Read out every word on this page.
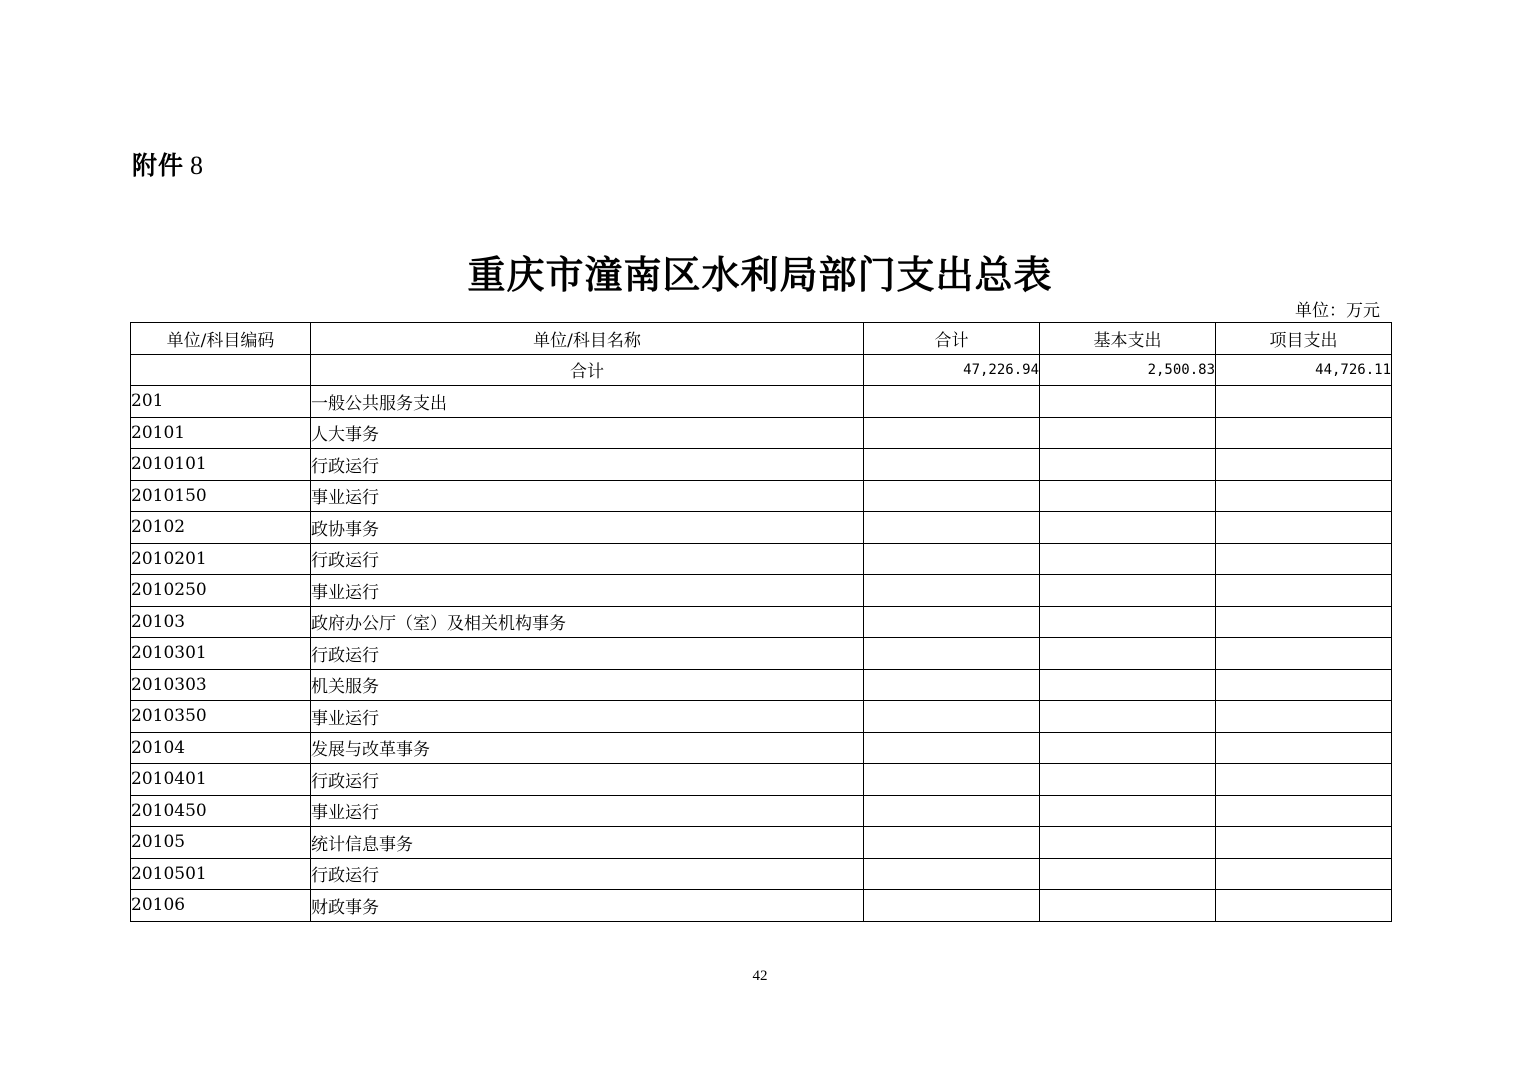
附件 8
重庆市潼南区水利局部门支出总表
单位：万元
单位/科目编码	单位/科目名称	合计	基本支出	项目支出
	合计	47,226.94	2,500.83	44,726.11
201	一般公共服务支出			
20101	人大事务			
2010101	行政运行			
2010150	事业运行			
20102	政协事务			
2010201	行政运行			
2010250	事业运行			
20103	政府办公厅（室）及相关机构事务			
2010301	行政运行			
2010303	机关服务			
2010350	事业运行			
20104	发展与改革事务			
2010401	行政运行			
2010450	事业运行			
20105	统计信息事务			
2010501	行政运行			
20106	财政事务			
42
